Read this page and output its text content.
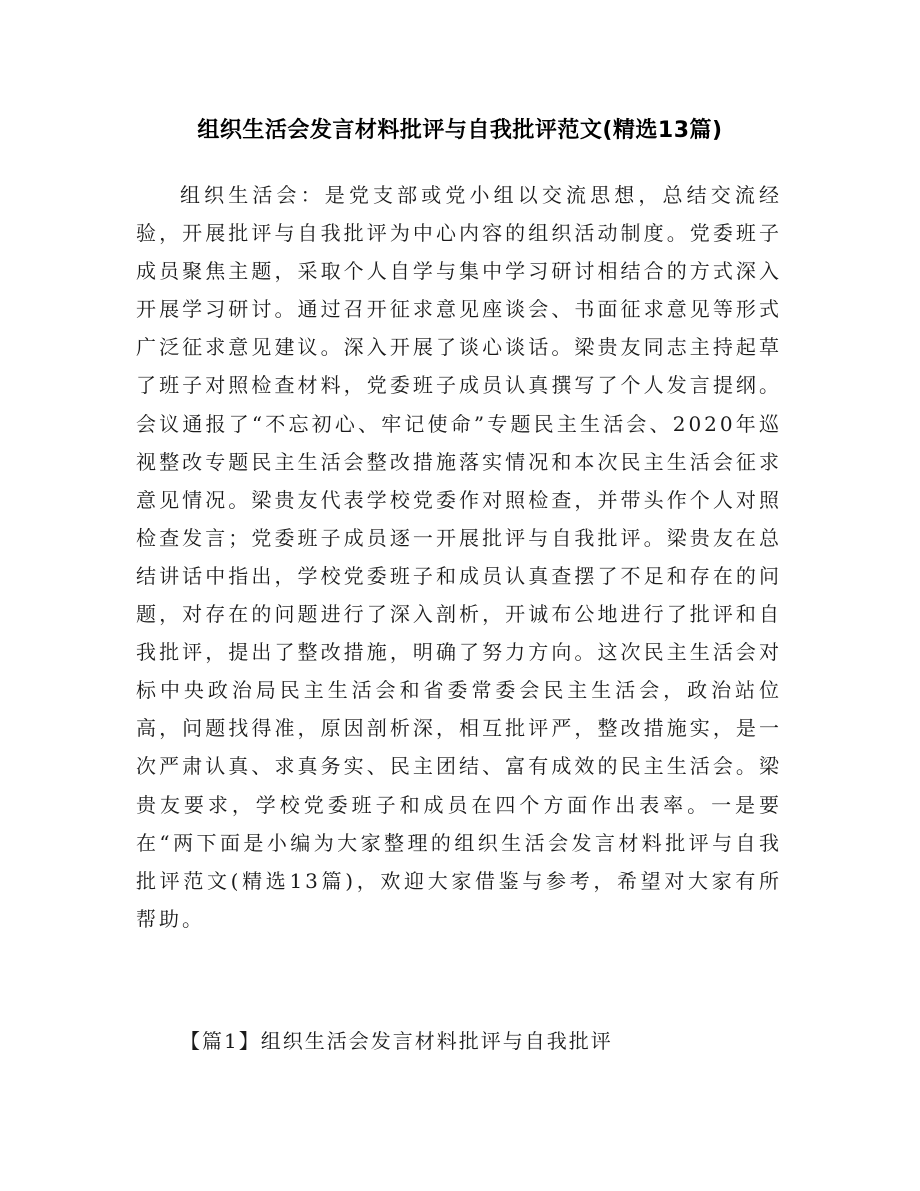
组织生活会发言材料批评与自我批评范文(精选13篇)

组织生活会：是党支部或党小组以交流思想，总结交流经验，开展批评与自我批评为中心内容的组织活动制度。党委班子成员聚焦主题，采取个人自学与集中学习研讨相结合的方式深入开展学习研讨。通过召开征求意见座谈会、书面征求意见等形式广泛征求意见建议。深入开展了谈心谈话。梁贵友同志主持起草了班子对照检查材料，党委班子成员认真撰写了个人发言提纲。会议通报了“不忘初心、牢记使命”专题民主生活会、2020年巡视整改专题民主生活会整改措施落实情况和本次民主生活会征求意见情况。梁贵友代表学校党委作对照检查，并带头作个人对照检查发言；党委班子成员逐一开展批评与自我批评。梁贵友在总结讲话中指出，学校党委班子和成员认真查摆了不足和存在的问题，对存在的问题进行了深入剖析，开诚布公地进行了批评和自我批评，提出了整改措施，明确了努力方向。这次民主生活会对标中央政治局民主生活会和省委常委会民主生活会，政治站位高，问题找得准，原因剖析深，相互批评严，整改措施实，是一次严肃认真、求真务实、民主团结、富有成效的民主生活会。梁贵友要求，学校党委班子和成员在四个方面作出表率。一是要在“两下面是小编为大家整理的组织生活会发言材料批评与自我批评范文(精选13篇)，欢迎大家借鉴与参考，希望对大家有所帮助。

【篇1】组织生活会发言材料批评与自我批评
